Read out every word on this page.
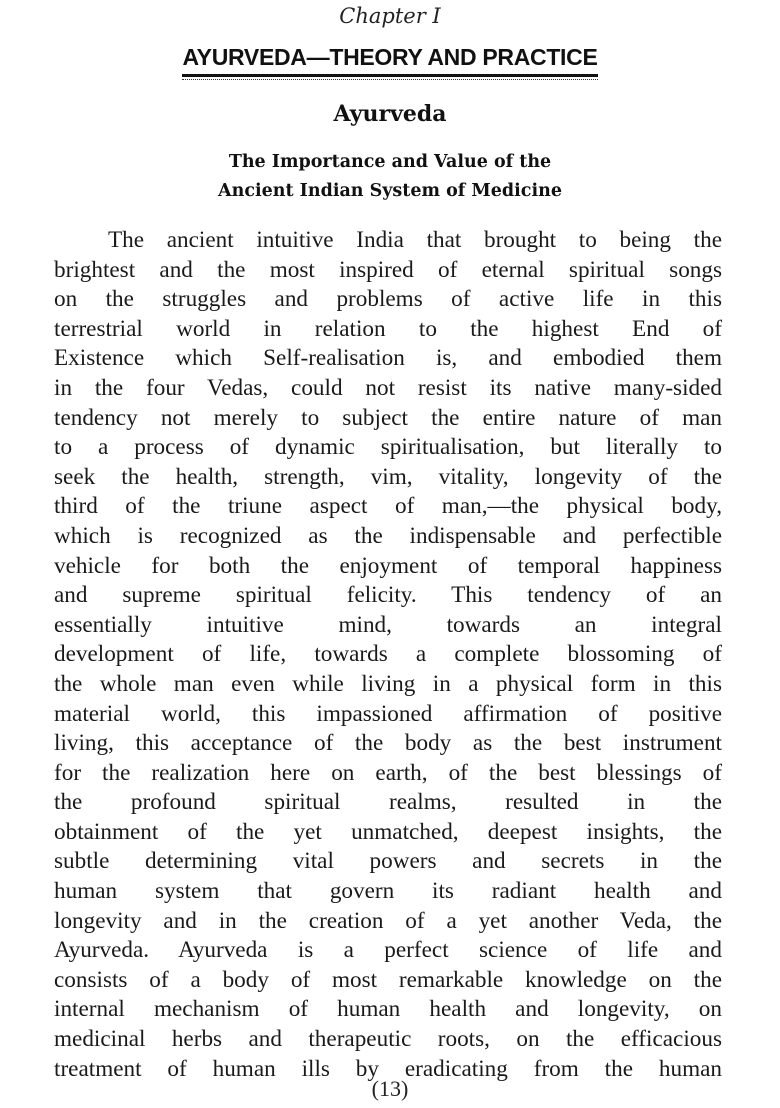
Chapter I
AYURVEDA—THEORY AND PRACTICE
Ayurveda
The Importance and Value of the
Ancient Indian System of Medicine
The ancient intuitive India that brought to being the
brightest and the most inspired of eternal spiritual songs
on the struggles and problems of active life in this
terrestrial world in relation to the highest End of
Existence which Self-realisation is, and embodied them
in the four Vedas, could not resist its native many-sided
tendency not merely to subject the entire nature of man
to a process of dynamic spiritualisation, but literally to
seek the health, strength, vim, vitality, longevity of the
third of the triune aspect of man,—the physical body,
which is recognized as the indispensable and perfectible
vehicle for both the enjoyment of temporal happiness
and supreme spiritual felicity. This tendency of an
essentially intuitive mind, towards an integral
development of life, towards a complete blossoming of
the whole man even while living in a physical form in this
material world, this impassioned affirmation of positive
living, this acceptance of the body as the best instrument
for the realization here on earth, of the best blessings of
the profound spiritual realms, resulted in the
obtainment of the yet unmatched, deepest insights, the
subtle determining vital powers and secrets in the
human system that govern its radiant health and
longevity and in the creation of a yet another Veda, the
Ayurveda. Ayurveda is a perfect science of life and
consists of a body of most remarkable knowledge on the
internal mechanism of human health and longevity, on
medicinal herbs and therapeutic roots, on the efficacious
treatment of human ills by eradicating from the human
(13)
